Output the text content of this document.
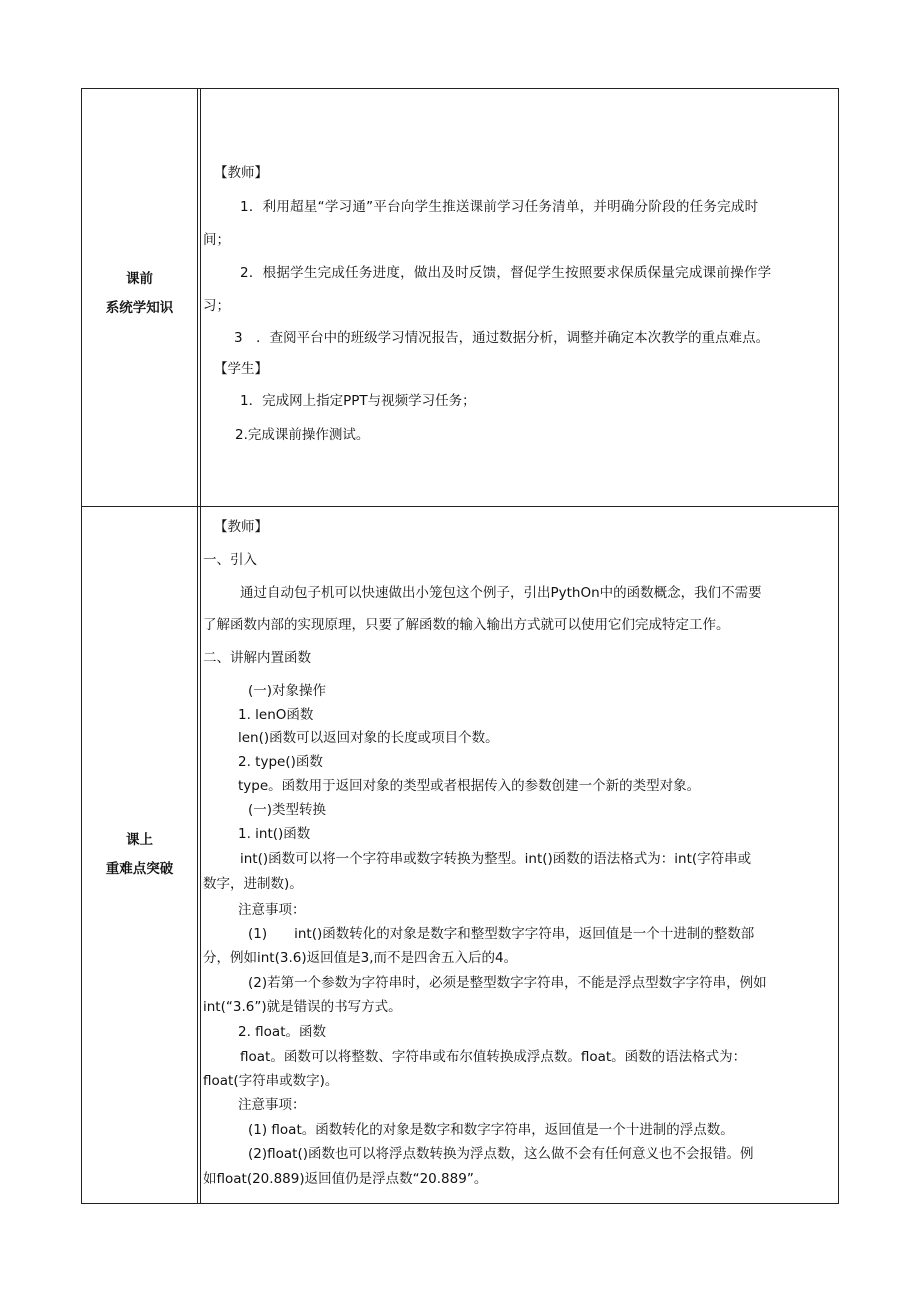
课前
系统学知识
【教师】
1．利用超星“学习通”平台向学生推送课前学习任务清单，并明确分阶段的任务完成时
间；
2．根据学生完成任务进度，做出及时反馈，督促学生按照要求保质保量完成课前操作学
习；
3　．查阅平台中的班级学习情况报告，通过数据分析，调整并确定本次教学的重点难点。
【学生】
1．完成网上指定PPT与视频学习任务；
2.完成课前操作测试。
课上
重难点突破
【教师】
一、引入
通过自动包子机可以快速做出小笼包这个例子，引出PythOn中的函数概念，我们不需要
了解函数内部的实现原理，只要了解函数的输入输出方式就可以使用它们完成特定工作。
二、讲解内置函数
(一)对象操作
1. lenO函数
len()函数可以返回对象的长度或项目个数。
2. type()函数
type。函数用于返回对象的类型或者根据传入的参数创建一个新的类型对象。
(一)类型转换
1. int()函数
int()函数可以将一个字符串或数字转换为整型。int()函数的语法格式为：int(字符串或
数字，进制数)。
注意事项：
(1)　　int()函数转化的对象是数字和整型数字字符串，返回值是一个十进制的整数部
分，例如int(3.6)返回值是3,而不是四舍五入后的4。
(2)若第一个参数为字符串时，必须是整型数字字符串，不能是浮点型数字字符串，例如
int(“3.6”)就是错误的书写方式。
2. float。函数
float。函数可以将整数、字符串或布尔值转换成浮点数。float。函数的语法格式为：
float(字符串或数字)。
注意事项：
(1) float。函数转化的对象是数字和数字字符串，返回值是一个十进制的浮点数。
(2)float()函数也可以将浮点数转换为浮点数，这么做不会有任何意义也不会报错。例
如float(20.889)返回值仍是浮点数“20.889”。
